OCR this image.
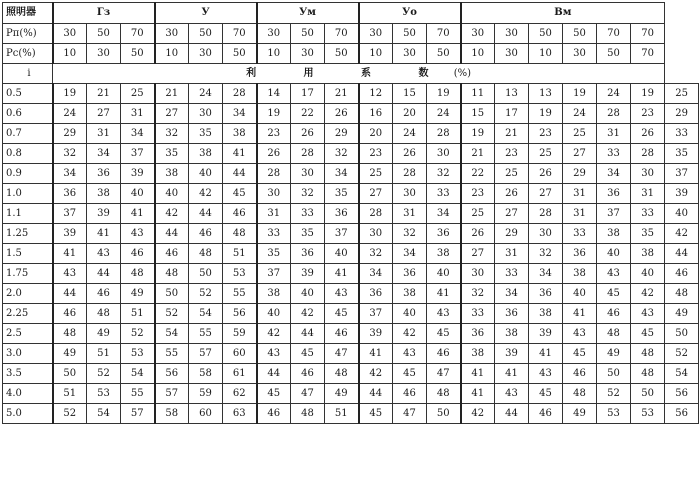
照明器	Гз			У			Ум			Уо			Вм						
Pп(%)	30	50	70	30	50	70	30	50	70	30	50	70	30	30	50	50	70	70	
Pс(%)	10	30	50	10	30	50	10	30	50	10	30	50	10	30	10	30	50	70	
i	利 用 系 数 (%)																		
0.5	19	21	25	21	24	28	14	17	21	12	15	19	11	13	13	19	24	19	25
0.6	24	27	31	27	30	34	19	22	26	16	20	24	15	17	19	24	28	23	29
0.7	29	31	34	32	35	38	23	26	29	20	24	28	19	21	23	25	31	26	33
0.8	32	34	37	35	38	41	26	28	32	23	26	30	21	23	25	27	33	28	35
0.9	34	36	39	38	40	44	28	30	34	25	28	32	22	25	26	29	34	30	37
1.0	36	38	40	40	42	45	30	32	35	27	30	33	23	26	27	31	36	31	39
1.1	37	39	41	42	44	46	31	33	36	28	31	34	25	27	28	31	37	33	40
1.25	39	41	43	44	46	48	33	35	37	30	32	36	26	29	30	33	38	35	42
1.5	41	43	46	46	48	51	35	36	40	32	34	38	27	31	32	36	40	38	44
1.75	43	44	48	48	50	53	37	39	41	34	36	40	30	33	34	38	43	40	46
2.0	44	46	49	50	52	55	38	40	43	36	38	41	32	34	36	40	45	42	48
2.25	46	48	51	52	54	56	40	42	45	37	40	43	33	36	38	41	46	43	49
2.5	48	49	52	54	55	59	42	44	46	39	42	45	36	38	39	43	48	45	50
3.0	49	51	53	55	57	60	43	45	47	41	43	46	38	39	41	45	49	48	52
3.5	50	52	54	56	58	61	44	46	48	42	45	47	41	41	43	46	50	48	54
4.0	51	53	55	57	59	62	45	47	49	44	46	48	41	43	45	48	52	50	56
5.0	52	54	57	58	60	63	46	48	51	45	47	50	42	44	46	49	53	53	56
